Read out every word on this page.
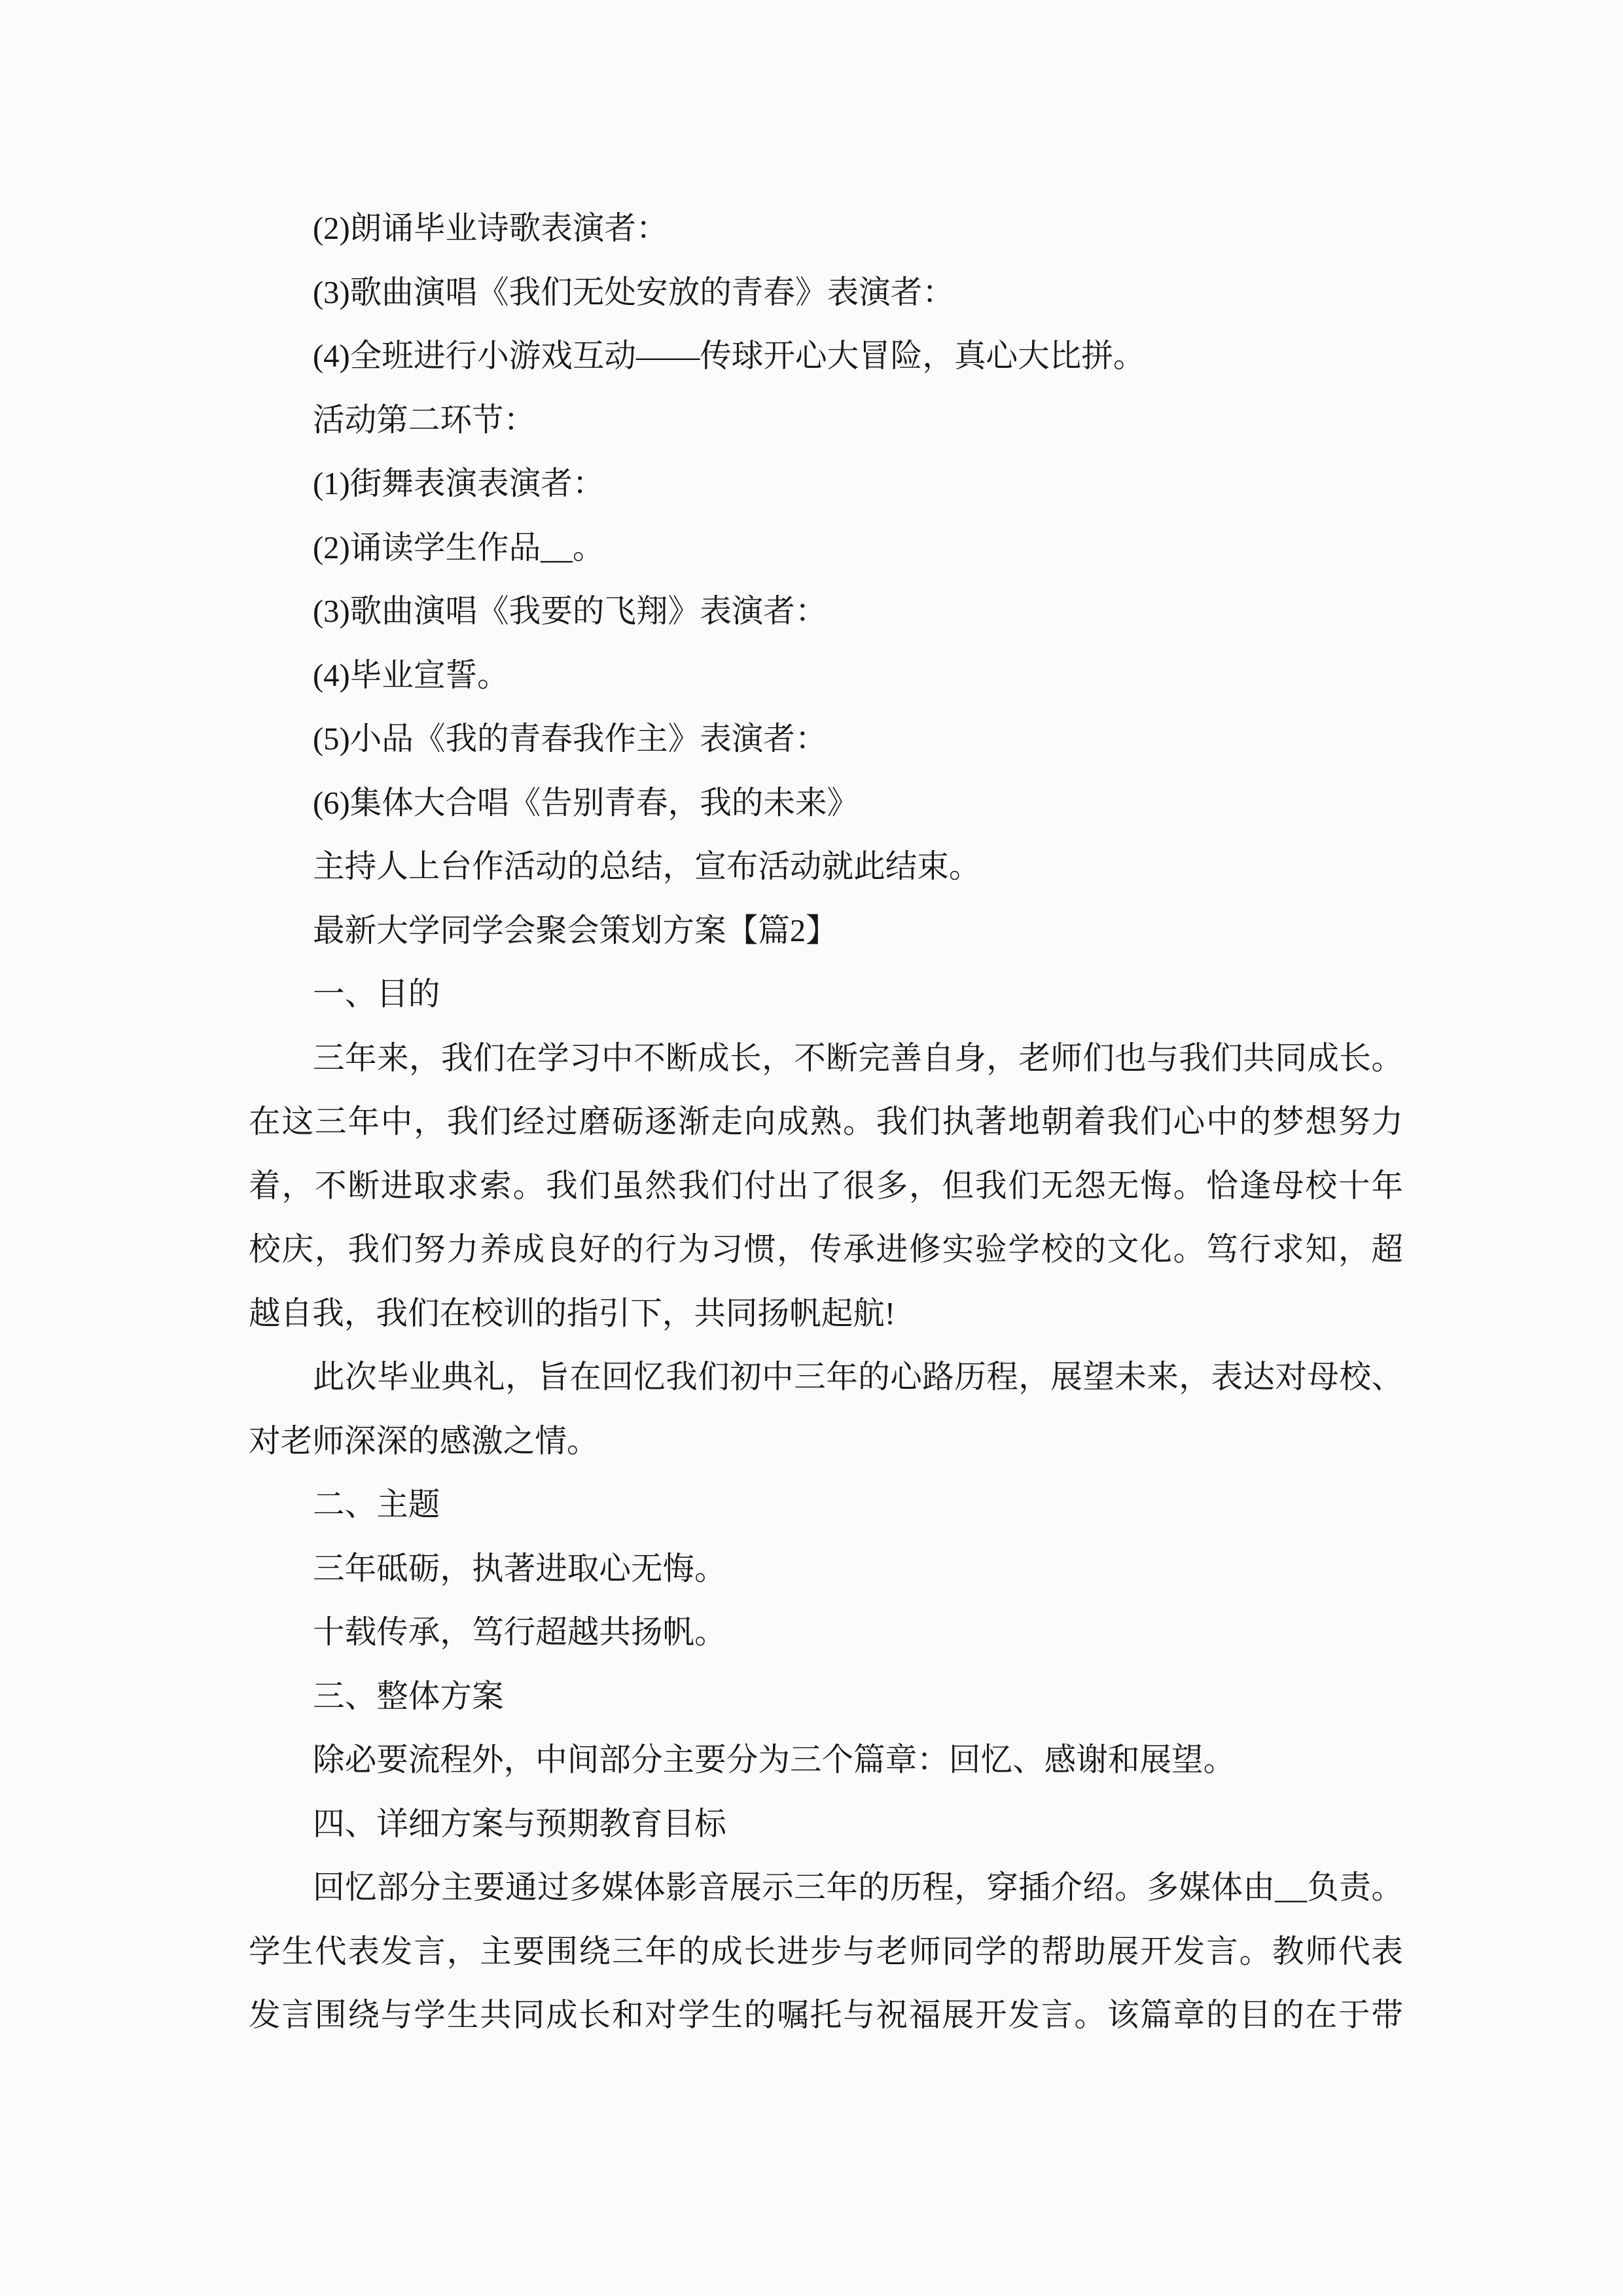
(2)朗诵毕业诗歌表演者：
(3)歌曲演唱《我们无处安放的青春》表演者：
(4)全班进行小游戏互动——传球开心大冒险，真心大比拼。
活动第二环节：
(1)街舞表演表演者：
(2)诵读学生作品__。
(3)歌曲演唱《我要的飞翔》表演者：
(4)毕业宣誓。
(5)小品《我的青春我作主》表演者：
(6)集体大合唱《告别青春，我的未来》
主持人上台作活动的总结，宣布活动就此结束。
最新大学同学会聚会策划方案【篇2】
一、目的
三年来，我们在学习中不断成长，不断完善自身，老师们也与我们共同成长。
在这三年中，我们经过磨砺逐渐走向成熟。我们执著地朝着我们心中的梦想努力
着，不断进取求索。我们虽然我们付出了很多，但我们无怨无悔。恰逢母校十年
校庆，我们努力养成良好的行为习惯，传承进修实验学校的文化。笃行求知，超
越自我，我们在校训的指引下，共同扬帆起航!
此次毕业典礼，旨在回忆我们初中三年的心路历程，展望未来，表达对母校、
对老师深深的感激之情。
二、主题
三年砥砺，执著进取心无悔。
十载传承，笃行超越共扬帆。
三、整体方案
除必要流程外，中间部分主要分为三个篇章：回忆、感谢和展望。
四、详细方案与预期教育目标
回忆部分主要通过多媒体影音展示三年的历程，穿插介绍。多媒体由__负责。
学生代表发言，主要围绕三年的成长进步与老师同学的帮助展开发言。教师代表
发言围绕与学生共同成长和对学生的嘱托与祝福展开发言。该篇章的目的在于带
